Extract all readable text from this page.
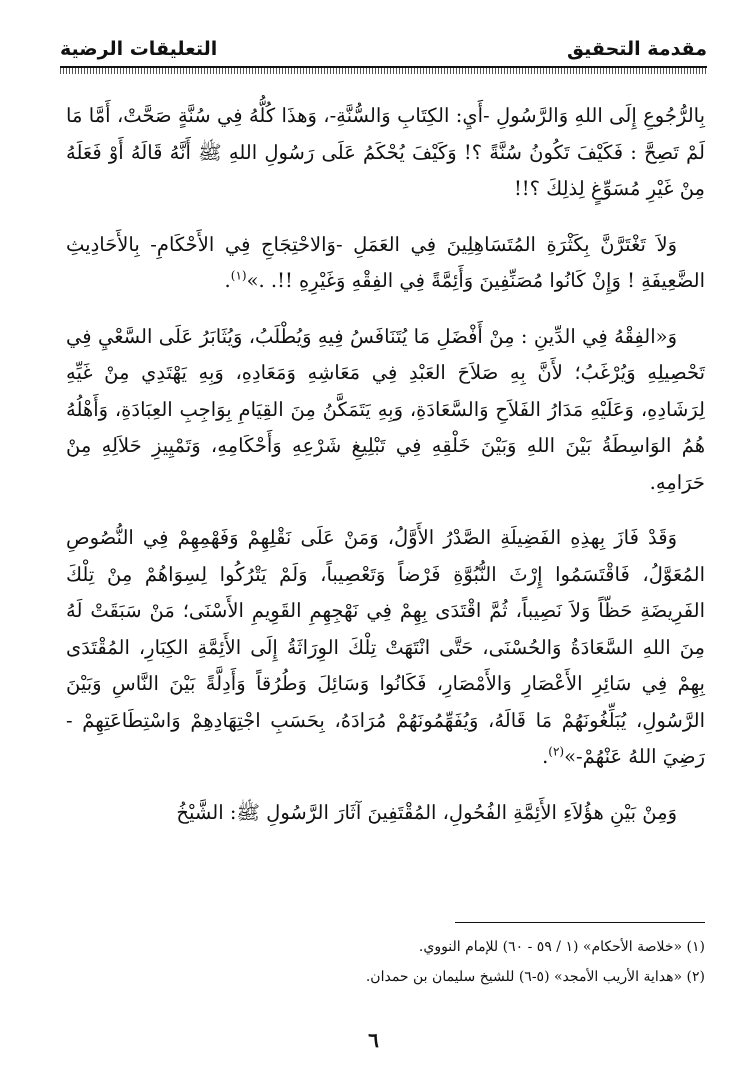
مقدمة التحقيق
التعليقات الرضية

بِالرُّجُوعِ إِلَى اللهِ وَالرَّسُولِ -أَيِ: الكِتَابِ وَالسُّنَّةِ-، وَهذَا كُلُّهُ فِي سُنَّةٍ صَحَّتْ، أَمَّا مَا لَمْ تَصِحَّ : فَكَيْفَ تَكُونُ سُنَّةً ؟! وَكَيْفَ يُحْكَمُ عَلَى رَسُولِ اللهِ ﷺ أَنَّهُ قَالَهُ أَوْ فَعَلَهُ مِنْ غَيْرِ مُسَوِّغٍ لِذلِكَ ؟!!

وَلاَ تَغْتَرَّنَّ بِكَثْرَةِ المُتَسَاهِلِينَ فِي العَمَلِ -وَالاحْتِجَاجِ فِي الأَحْكَامِ- بِالأَحَادِيثِ الضَّعِيفَةِ ! وَإِنْ كَانُوا مُصَنِّفِينَ وَأَئِمَّةً فِي الفِقْهِ وَغَيْرِهِ !!. .»$^{(١)}$.

وَ«الفِقْهُ فِي الدِّينِ : مِنْ أَفْضَلِ مَا يُتَنَافَسُ فِيهِ وَيُطْلَبُ، وَيُثَابَرُ عَلَى السَّعْيِ فِي تَحْصِيلِهِ وَيُرْغَبُ؛ لأَنَّ بِهِ صَلاَحَ العَبْدِ فِي مَعَاشِهِ وَمَعَادِهِ، وَبِهِ يَهْتَدِي مِنْ غَيِّهِ لِرَشَادِهِ، وَعَلَيْهِ مَدَارُ الفَلاَحِ وَالسَّعَادَةِ، وَبِهِ يَتَمَكَّنُ مِنَ القِيَامِ بِوَاجِبِ العِبَادَةِ، وَأَهْلُهُ هُمُ الوَاسِطَةُ بَيْنَ اللهِ وَبَيْنَ خَلْقِهِ فِي تَبْلِيغِ شَرْعِهِ وَأَحْكَامِهِ، وَتَمْيِيزِ حَلاَلِهِ مِنْ حَرَامِهِ.

وَقَدْ فَازَ بِهذِهِ الفَضِيلَةِ الصَّدْرُ الأَوَّلُ، وَمَنْ عَلَى نَقْلِهِمْ وَفَهْمِهِمْ فِي النُّصُوصِ المُعَوَّلُ، فَاقْتَسَمُوا إِرْثَ النُّبُوَّةِ فَرْضاً وَتَعْصِيباً، وَلَمْ يَتْرُكُوا لِسِوَاهُمْ مِنْ تِلْكَ الفَرِيضَةِ حَظّاً وَلاَ نَصِيباً، ثُمَّ اقْتَدَى بِهِمْ فِي نَهْجِهِمِ القَوِيمِ الأَسْنَى؛ مَنْ سَبَقَتْ لَهُ مِنَ اللهِ السَّعَادَةُ وَالحُسْنَى، حَتَّى انْتَهَتْ تِلْكَ الوِرَاثَةُ إِلَى الأَئِمَّةِ الكِبَارِ، المُقْتَدَى بِهِمْ فِي سَائِرِ الأَعْصَارِ وَالأَمْصَارِ، فَكَانُوا وَسَائِلَ وَطُرُقاً وَأَدِلَّةً بَيْنَ النَّاسِ وَبَيْنَ الرَّسُولِ، يُبَلِّغُونَهُمْ مَا قَالَهُ، وَيُفَهِّمُونَهُمْ مُرَادَهُ، بِحَسَبِ اجْتِهَادِهِمْ وَاسْتِطَاعَتِهِمْ - رَضِيَ اللهُ عَنْهُمْ-»$^{(٢)}$.

وَمِنْ بَيْنِ هؤُلاَءِ الأَئِمَّةِ الفُحُولِ، المُقْتَفِينَ آثَارَ الرَّسُولِ ﷺ: الشَّيْخُ

(١) «خلاصة الأحكام» (١ / ٥٩ - ٦٠) للإمام النووي.

(٢) «هداية الأريب الأمجد» (٥-٦) للشيخ سليمان بن حمدان.

٦
